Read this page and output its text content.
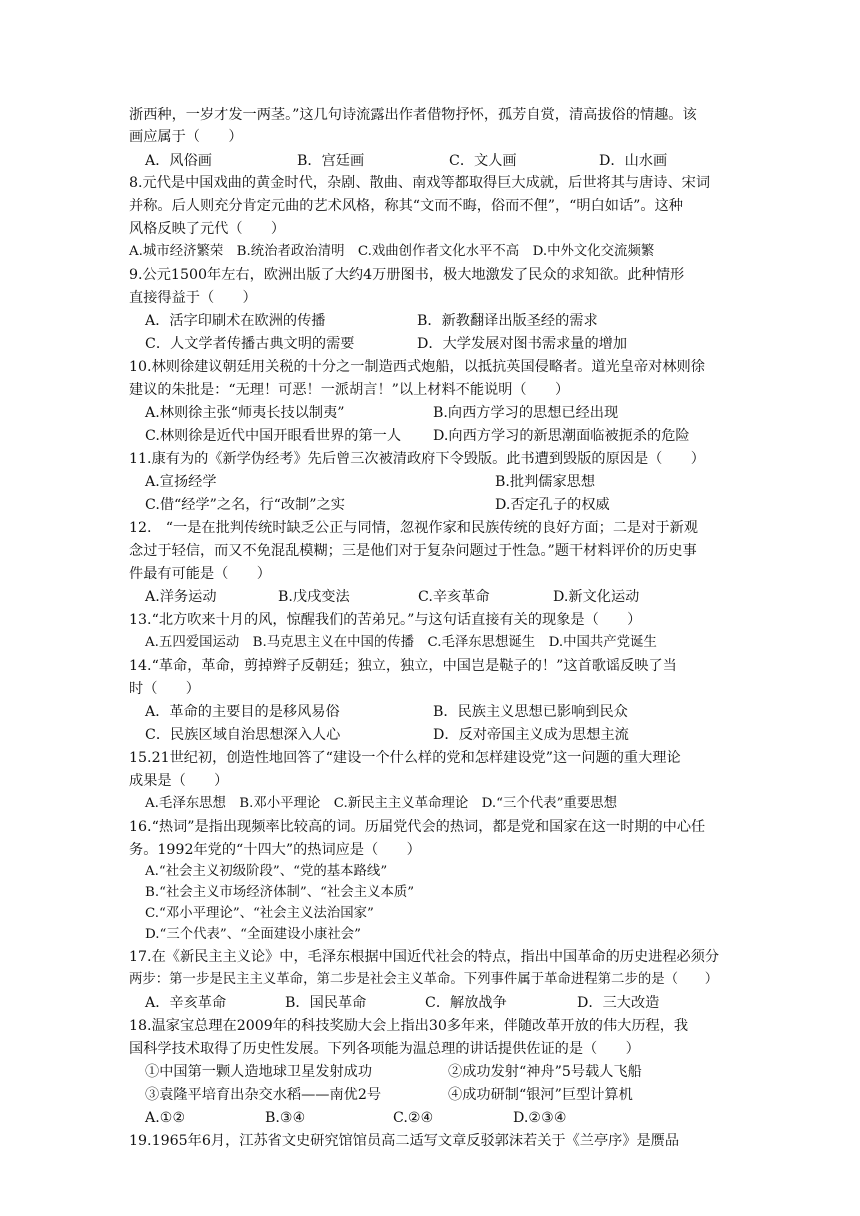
浙西种，一岁才发一两茎。”这几句诗流露出作者借物抒怀，孤芳自赏，清高拔俗的情趣。该
画应属于（　　）
A．风俗画	B．宫廷画	C．文人画	D．山水画
8.元代是中国戏曲的黄金时代，杂剧、散曲、南戏等都取得巨大成就，后世将其与唐诗、宋词
并称。后人则充分肯定元曲的艺术风格，称其“文而不晦，俗而不俚”，“明白如话”。这种
风格反映了元代（　　）
A.城市经济繁荣　B.统治者政治清明　C.戏曲创作者文化水平不高　D.中外文化交流频繁
9.公元1500年左右，欧洲出版了大约4万册图书，极大地激发了民众的求知欲。此种情形
直接得益于（　　）
A．活字印刷术在欧洲的传播	B．新教翻译出版圣经的需求
C．人文学者传播古典文明的需要	D．大学发展对图书需求量的增加
10.林则徐建议朝廷用关税的十分之一制造西式炮船，以抵抗英国侵略者。道光皇帝对林则徐
建议的朱批是：“无理！可恶！一派胡言！”以上材料不能说明（　　）
A.林则徐主张“师夷长技以制夷”	B.向西方学习的思想已经出现
C.林则徐是近代中国开眼看世界的第一人	D.向西方学习的新思潮面临被扼杀的危险
11.康有为的《新学伪经考》先后曾三次被清政府下令毁版。此书遭到毁版的原因是（　　）
A.宣扬经学	B.批判儒家思想
C.借“经学”之名，行“改制”之实	D.否定孔子的权威
12.　“一是在批判传统时缺乏公正与同情，忽视作家和民族传统的良好方面；二是对于新观
念过于轻信，而又不免混乱模糊；三是他们对于复杂问题过于性急。”题干材料评价的历史事
件最有可能是（　　）
A.洋务运动	B.戊戌变法	C.辛亥革命	D.新文化运动
13.“北方吹来十月的风，惊醒我们的苦弟兄。”与这句话直接有关的现象是（　　）
A.五四爱国运动　B.马克思主义在中国的传播　C.毛泽东思想诞生　D.中国共产党诞生
14.“革命，革命，剪掉辫子反朝廷；独立，独立，中国岂是鞑子的！”这首歌谣反映了当
时（　　）
A．革命的主要目的是移风易俗	B．民族主义思想已影响到民众
C．民族区域自治思想深入人心	D．反对帝国主义成为思想主流
15.21世纪初，创造性地回答了“建设一个什么样的党和怎样建设党”这一问题的重大理论
成果是（　　）
A.毛泽东思想　B.邓小平理论　C.新民主主义革命理论　D.“三个代表”重要思想
16.“热词”是指出现频率比较高的词。历届党代会的热词，都是党和国家在这一时期的中心任
务。1992年党的“十四大”的热词应是（　　）
A.“社会主义初级阶段”、“党的基本路线”
B.“社会主义市场经济体制”、“社会主义本质”
C.“邓小平理论”、“社会主义法治国家”
D.“三个代表”、“全面建设小康社会”
17.在《新民主主义论》中，毛泽东根据中国近代社会的特点，指出中国革命的历史进程必须分
两步：第一步是民主主义革命，第二步是社会主义革命。下列事件属于革命进程第二步的是（　　）
A．辛亥革命	B．国民革命	C．解放战争	D．三大改造
18.温家宝总理在2009年的科技奖励大会上指出30多年来，伴随改革开放的伟大历程，我
国科学技术取得了历史性发展。下列各项能为温总理的讲话提供佐证的是（　　）
①中国第一颗人造地球卫星发射成功	②成功发射“神舟”5号载人飞船
③袁隆平培育出杂交水稻——南优2号	④成功研制“银河”巨型计算机
A.①②	B.③④	C.②④	D.②③④
19.1965年6月，江苏省文史研究馆馆员高二适写文章反驳郭沫若关于《兰亭序》是赝品
